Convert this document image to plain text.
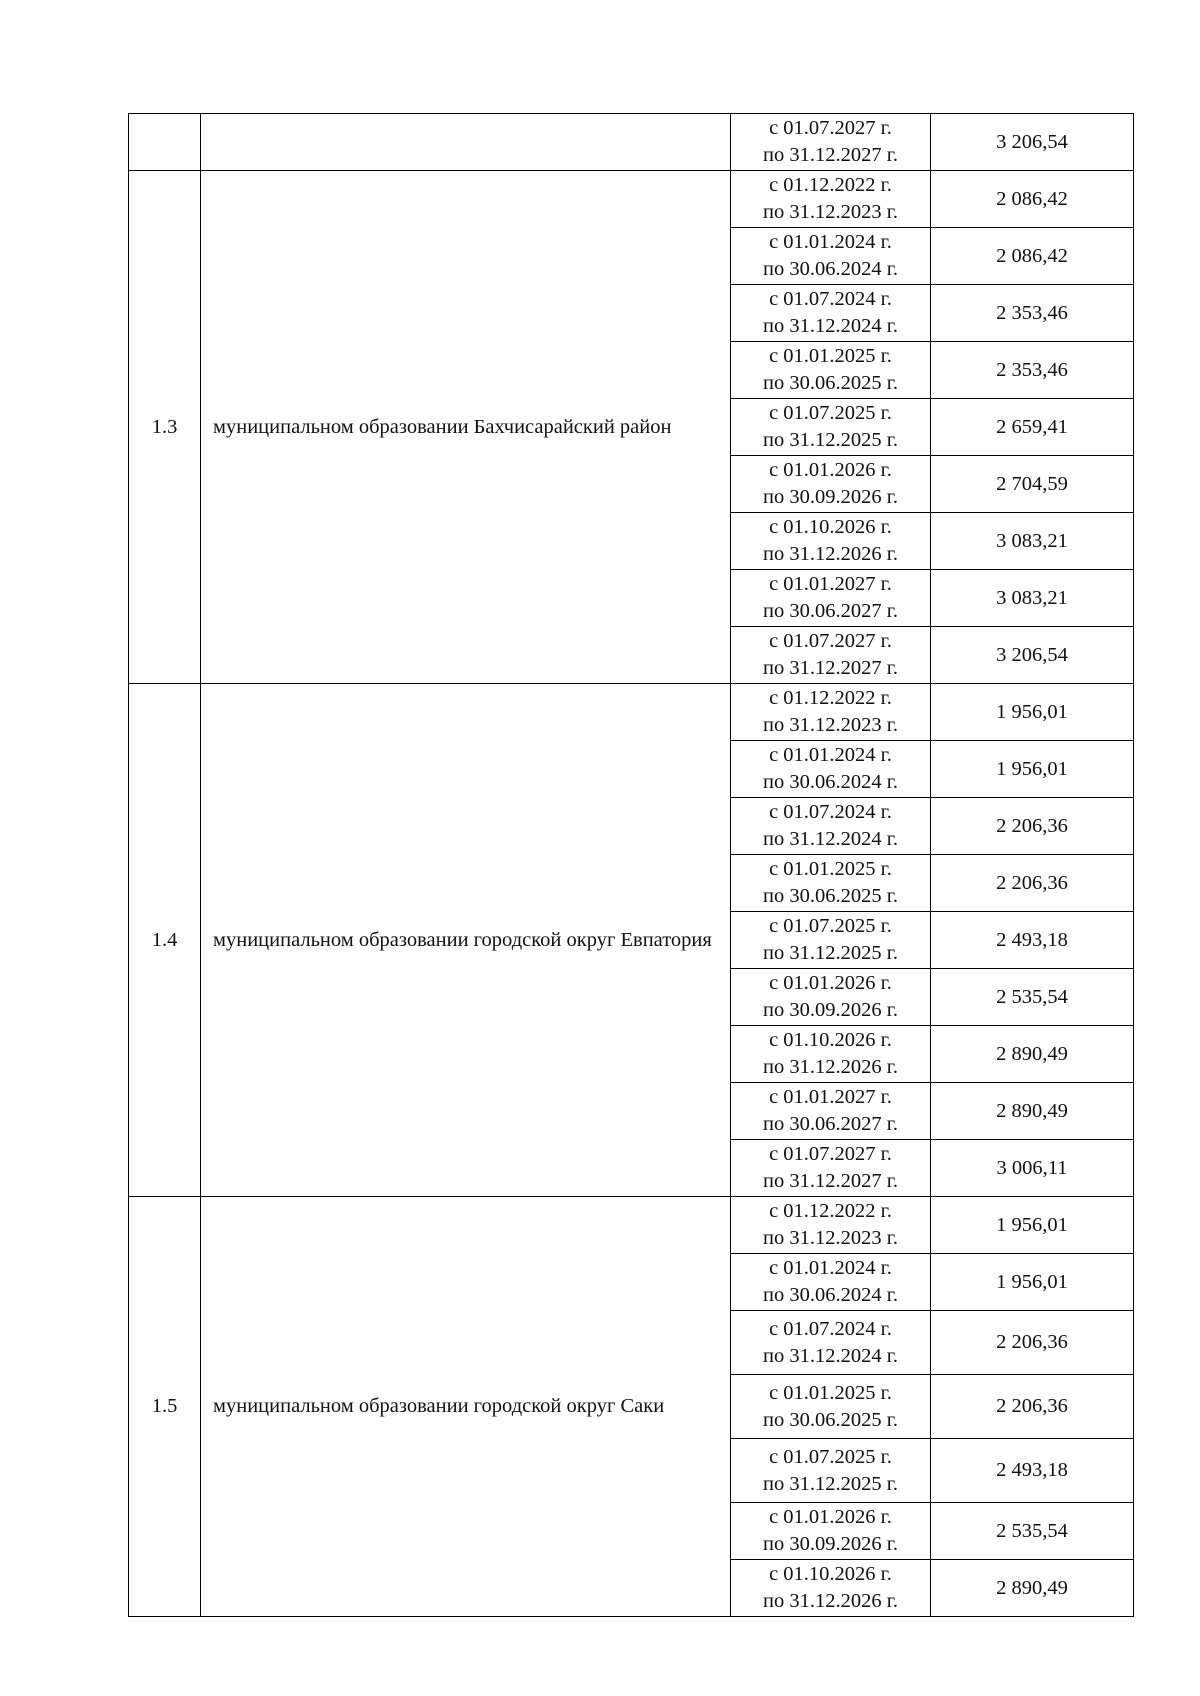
		с 01.07.2027 г.
по 31.12.2027 г.	3 206,54
1.3	муниципальном образовании Бахчисарайский район	с 01.12.2022 г.
по 31.12.2023 г.	2 086,42

		с 01.01.2024 г.
по 30.06.2024 г.	2 086,42

		с 01.07.2024 г.
по 31.12.2024 г.	2 353,46

		с 01.01.2025 г.
по 30.06.2025 г.	2 353,46

		с 01.07.2025 г.
по 31.12.2025 г.	2 659,41

		с 01.01.2026 г.
по 30.09.2026 г.	2 704,59

		с 01.10.2026 г.
по 31.12.2026 г.	3 083,21

		с 01.01.2027 г.
по 30.06.2027 г.	3 083,21

		с 01.07.2027 г.
по 31.12.2027 г.	3 206,54
1.4	муниципальном образовании городской округ Евпатория	с 01.12.2022 г.
по 31.12.2023 г.	1 956,01

		с 01.01.2024 г.
по 30.06.2024 г.	1 956,01

		с 01.07.2024 г.
по 31.12.2024 г.	2 206,36

		с 01.01.2025 г.
по 30.06.2025 г.	2 206,36

		с 01.07.2025 г.
по 31.12.2025 г.	2 493,18

		с 01.01.2026 г.
по 30.09.2026 г.	2 535,54

		с 01.10.2026 г.
по 31.12.2026 г.	2 890,49

		с 01.01.2027 г.
по 30.06.2027 г.	2 890,49

		с 01.07.2027 г.
по 31.12.2027 г.	3 006,11
1.5	муниципальном образовании городской округ Саки	с 01.12.2022 г.
по 31.12.2023 г.	1 956,01

		с 01.01.2024 г.
по 30.06.2024 г.	1 956,01

		с 01.07.2024 г.
по 31.12.2024 г.	2 206,36

		с 01.01.2025 г.
по 30.06.2025 г.	2 206,36

		с 01.07.2025 г.
по 31.12.2025 г.	2 493,18

		с 01.01.2026 г.
по 30.09.2026 г.	2 535,54

		с 01.10.2026 г.
по 31.12.2026 г.	2 890,49
